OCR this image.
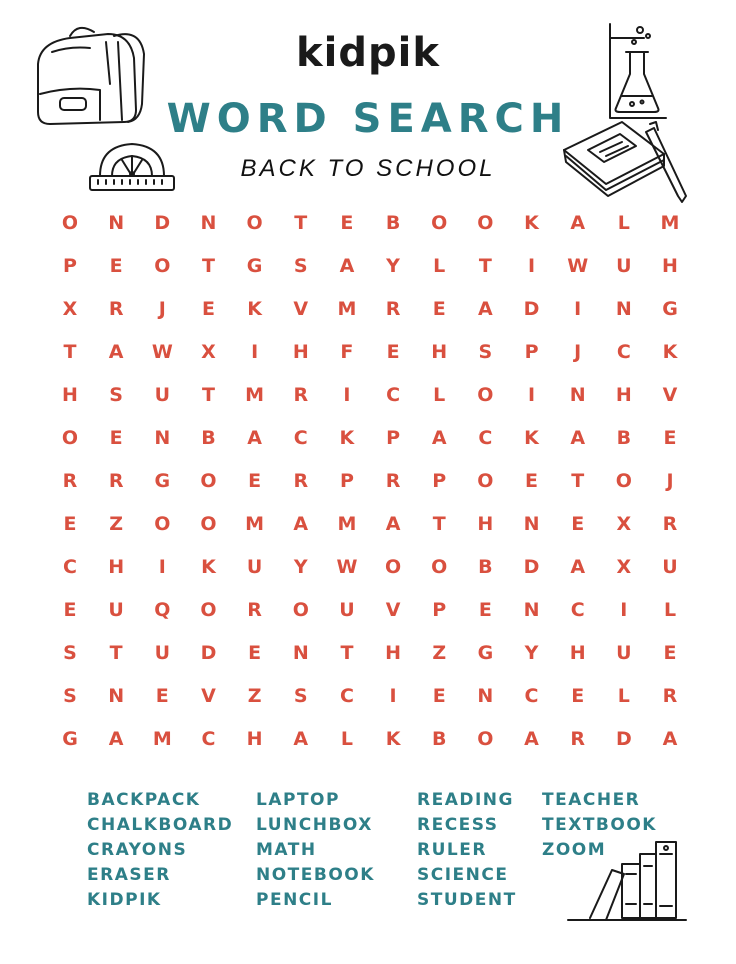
kidpik
WORD SEARCH
BACK TO SCHOOL
O	N	D	N	O	T	E	B	O	O	K	A	L	M
P	E	O	T	G	S	A	Y	L	T	I	W	U	H
X	R	J	E	K	V	M	R	E	A	D	I	N	G
T	A	W	X	I	H	F	E	H	S	P	J	C	K
H	S	U	T	M	R	I	C	L	O	I	N	H	V
O	E	N	B	A	C	K	P	A	C	K	A	B	E
R	R	G	O	E	R	P	R	P	O	E	T	O	J
E	Z	O	O	M	A	M	A	T	H	N	E	X	R
C	H	I	K	U	Y	W	O	O	B	D	A	X	U
E	U	Q	O	R	O	U	V	P	E	N	C	I	L
S	T	U	D	E	N	T	H	Z	G	Y	H	U	E
S	N	E	V	Z	S	C	I	E	N	C	E	L	R
G	A	M	C	H	A	L	K	B	O	A	R	D	A
BACKPACK
CHALKBOARD
CRAYONS
ERASER
KIDPIK
LAPTOP
LUNCHBOX
MATH
NOTEBOOK
PENCIL
READING
RECESS
RULER
SCIENCE
STUDENT
TEACHER
TEXTBOOK
ZOOM
